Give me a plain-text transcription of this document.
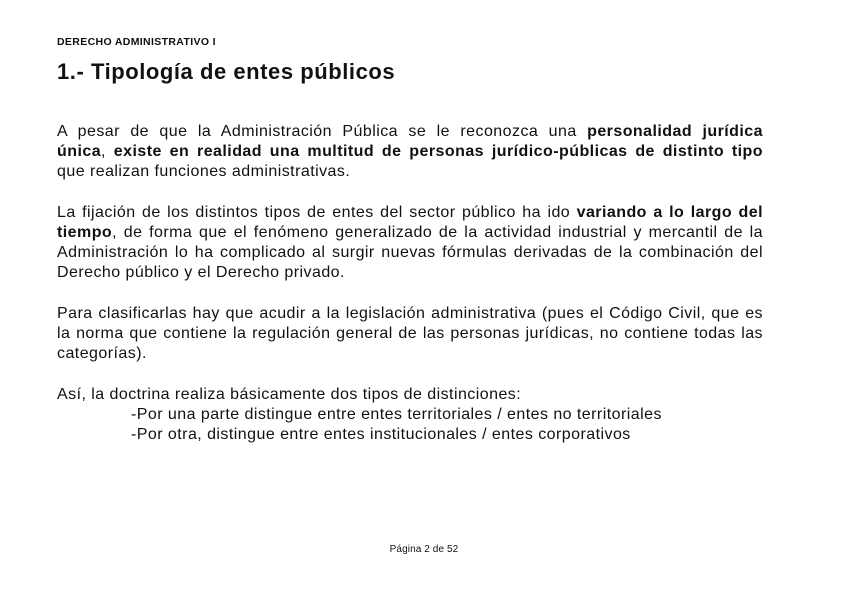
DERECHO ADMINISTRATIVO I
1.- Tipología de entes públicos
A pesar de que la Administración Pública se le reconozca una personalidad jurídica
única, existe en realidad una multitud de personas jurídico-públicas de distinto tipo
que realizan funciones administrativas.
La fijación de los distintos tipos de entes del sector público ha ido variando a lo largo del
tiempo, de forma que el fenómeno generalizado de la actividad industrial y mercantil de la
Administración lo ha complicado al surgir nuevas fórmulas derivadas de la combinación del
Derecho público y el Derecho privado.
Para clasificarlas hay que acudir a la legislación administrativa (pues el Código Civil, que es
la norma que contiene la regulación general de las personas jurídicas, no contiene todas las
categorías).
Así, la doctrina realiza básicamente dos tipos de distinciones:
-Por una parte distingue entre entes territoriales / entes no territoriales
-Por otra, distingue entre entes institucionales / entes corporativos
Página 2 de 52
